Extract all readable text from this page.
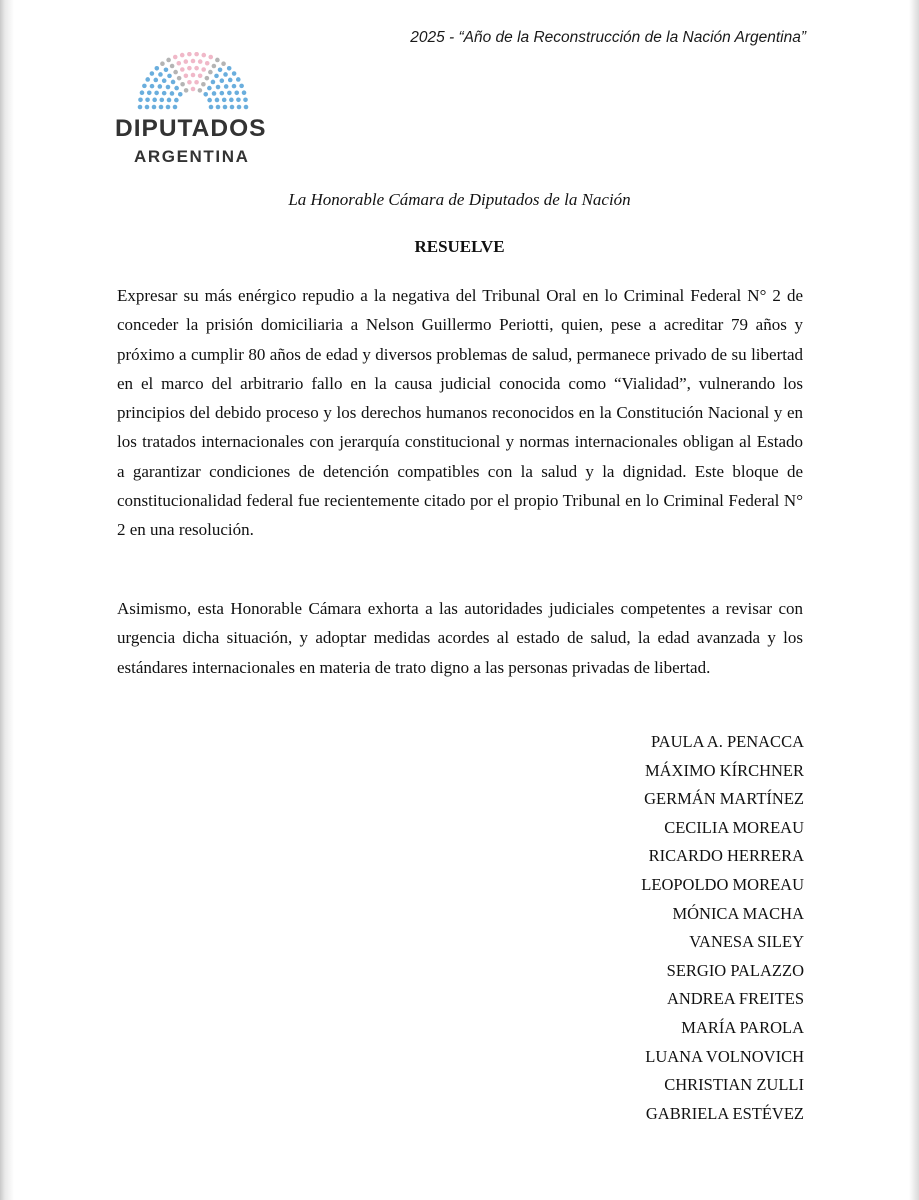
2025 - “Año de la Reconstrucción de la Nación Argentina”
DIPUTADOS
ARGENTINA
La Honorable Cámara de Diputados de la Nación
RESUELVE

Expresar su más enérgico repudio a la negativa del Tribunal Oral en lo Criminal Federal N° 2 de conceder la prisión domiciliaria a Nelson Guillermo Periotti, quien, pese a acreditar 79 años y próximo a cumplir 80 años de edad y diversos problemas de salud, permanece privado de su libertad en el marco del arbitrario fallo en la causa judicial conocida como “Vialidad”, vulnerando los principios del debido proceso y los derechos humanos reconocidos en la Constitución Nacional y en los tratados internacionales con jerarquía constitucional y normas internacionales obligan al Estado a garantizar condiciones de detención compatibles con la salud y la dignidad. Este bloque de constitucionalidad federal fue recientemente citado por el propio Tribunal en lo Criminal Federal N° 2 en una resolución.

Asimismo, esta Honorable Cámara exhorta a las autoridades judiciales competentes a revisar con urgencia dicha situación, y adoptar medidas acordes al estado de salud, la edad avanzada y los estándares internacionales en materia de trato digno a las personas privadas de libertad.

PAULA A. PENACCA
MÁXIMO KÍRCHNER
GERMÁN MARTÍNEZ
CECILIA MOREAU
RICARDO HERRERA
LEOPOLDO MOREAU
MÓNICA MACHA
VANESA SILEY
SERGIO PALAZZO
ANDREA FREITES
MARÍA PAROLA
LUANA VOLNOVICH
CHRISTIAN ZULLI
GABRIELA ESTÉVEZ
